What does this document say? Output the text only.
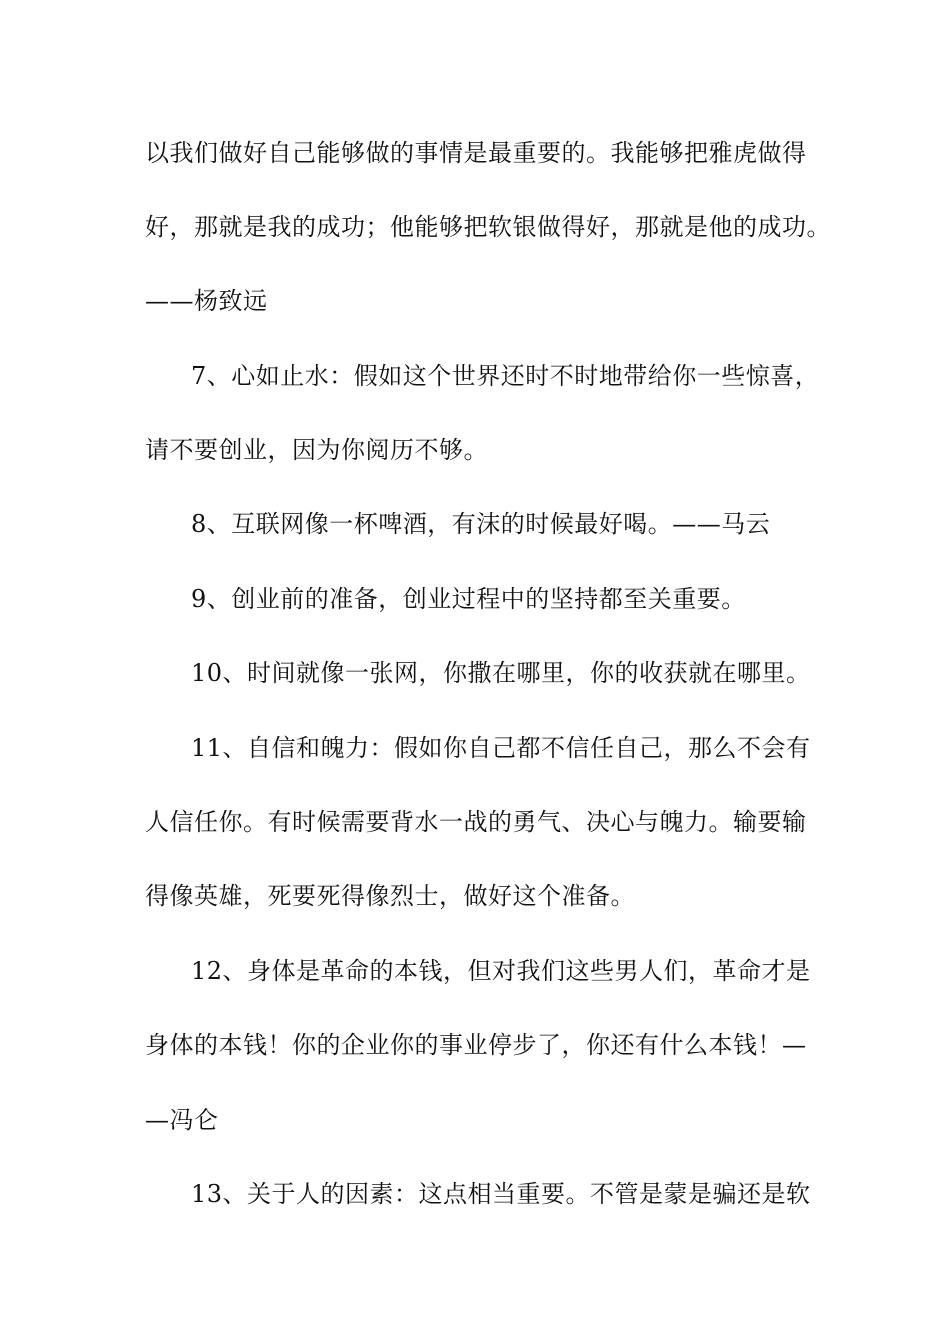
以我们做好自己能够做的事情是最重要的。我能够把雅虎做得
好，那就是我的成功；他能够把软银做得好，那就是他的成功。
——杨致远
7、心如止水：假如这个世界还时不时地带给你一些惊喜，
请不要创业，因为你阅历不够。
8、互联网像一杯啤酒，有沫的时候最好喝。——马云
9、创业前的准备，创业过程中的坚持都至关重要。
10、时间就像一张网，你撒在哪里，你的收获就在哪里。
11、自信和魄力：假如你自己都不信任自己，那么不会有
人信任你。有时候需要背水一战的勇气、决心与魄力。输要输
得像英雄，死要死得像烈士，做好这个准备。
12、身体是革命的本钱，但对我们这些男人们，革命才是
身体的本钱！你的企业你的事业停步了，你还有什么本钱！—
—冯仑
13、关于人的因素：这点相当重要。不管是蒙是骗还是软
